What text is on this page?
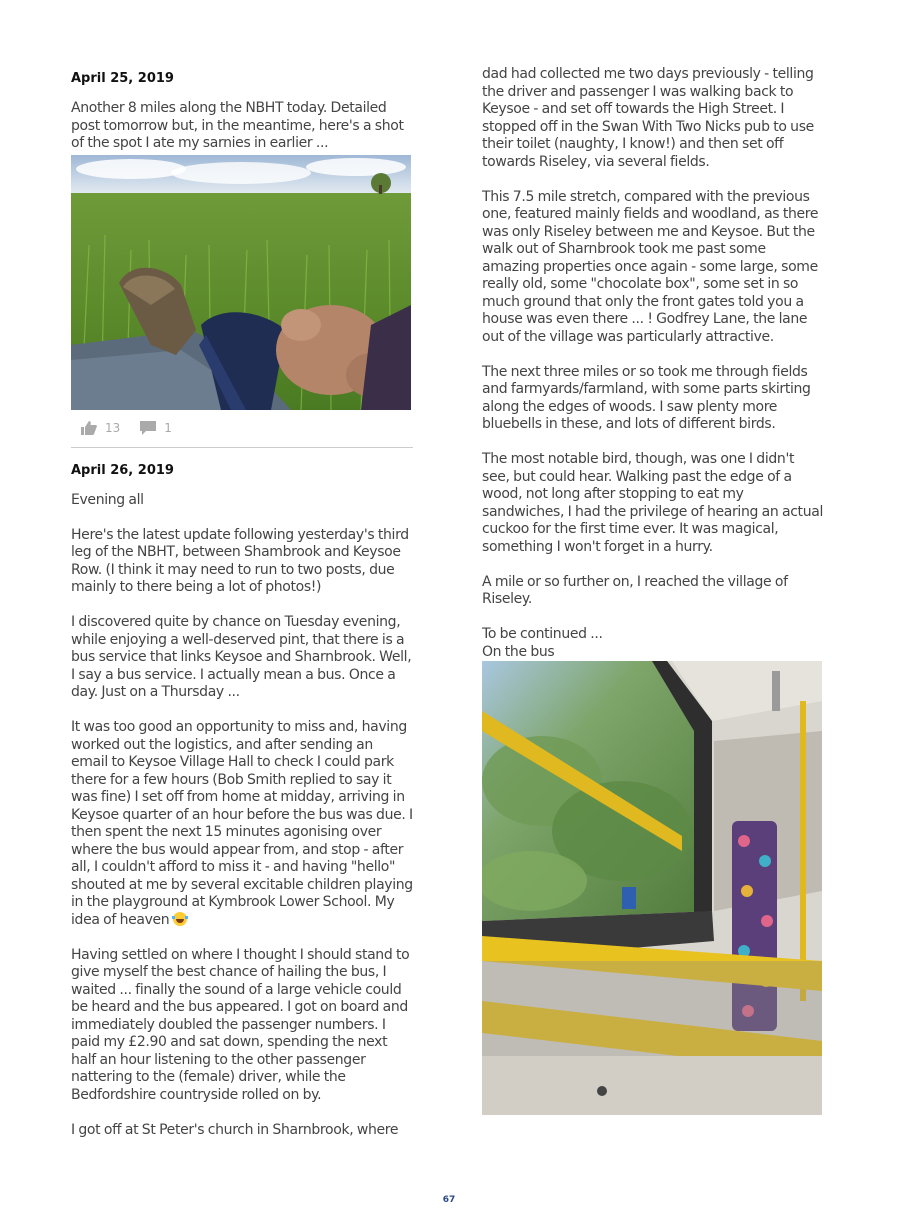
April 25, 2019

Another 8 miles along the NBHT today. Detailed post tomorrow but, in the meantime, here's a shot of the spot I ate my sarnies in earlier ...

13	1
April 26, 2019

Evening all

Here's the latest update following yesterday's third leg of the NBHT, between Shambrook and Keysoe Row. (I think it may need to run to two posts, due mainly to there being a lot of photos!)

I discovered quite by chance on Tuesday evening, while enjoying a well-deserved pint, that there is a bus service that links Keysoe and Sharnbrook. Well, I say a bus service. I actually mean a bus. Once a day. Just on a Thursday ...

It was too good an opportunity to miss and, having worked out the logistics, and after sending an email to Keysoe Village Hall to check I could park there for a few hours (Bob Smith replied to say it was fine) I set off from home at midday, arriving in Keysoe quarter of an hour before the bus was due. I then spent the next 15 minutes agonising over where the bus would appear from, and stop - after all, I couldn't afford to miss it - and having "hello" shouted at me by several excitable children playing in the playground at Kymbrook Lower School. My idea of heaven

Having settled on where I thought I should stand to give myself the best chance of hailing the bus, I waited ... finally the sound of a large vehicle could be heard and the bus appeared. I got on board and immediately doubled the passenger numbers. I paid my £2.90 and sat down, spending the next half an hour listening to the other passenger nattering to the (female) driver, while the Bedfordshire countryside rolled on by.

I got off at St Peter's church in Sharnbrook, where

dad had collected me two days previously - telling the driver and passenger I was walking back to Keysoe - and set off towards the High Street. I stopped off in the Swan With Two Nicks pub to use their toilet (naughty, I know!) and then set off towards Riseley, via several fields.

This 7.5 mile stretch, compared with the previous one, featured mainly fields and woodland, as there was only Riseley between me and Keysoe. But the walk out of Sharnbrook took me past some amazing properties once again - some large, some really old, some "chocolate box", some set in so much ground that only the front gates told you a house was even there ... ! Godfrey Lane, the lane out of the village was particularly attractive.

The next three miles or so took me through fields and farmyards/farmland, with some parts skirting along the edges of woods. I saw plenty more bluebells in these, and lots of different birds.

The most notable bird, though, was one I didn't see, but could hear. Walking past the edge of a wood, not long after stopping to eat my sandwiches, I had the privilege of hearing an actual cuckoo for the first time ever. It was magical, something I won't forget in a hurry.

A mile or so further on, I reached the village of Riseley.

To be continued ...

On the bus

67
